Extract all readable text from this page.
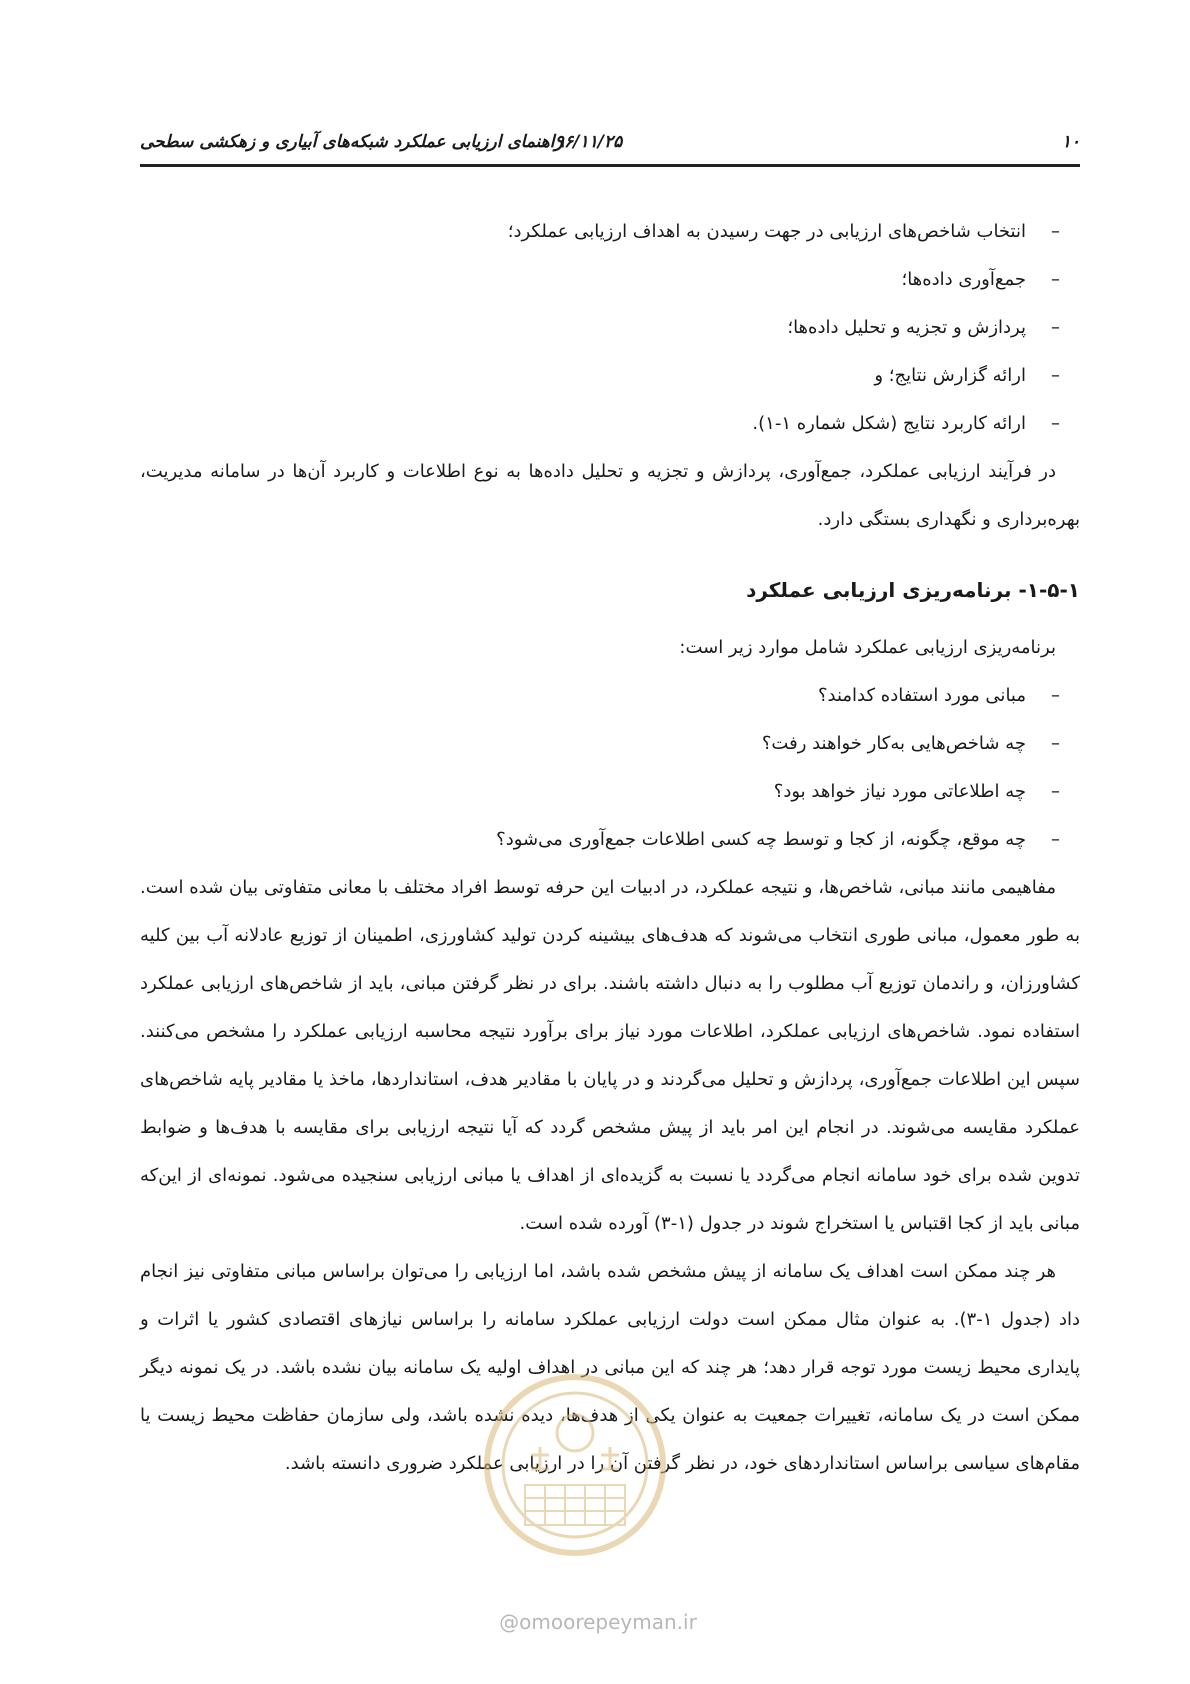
۱۰
۹۶/۱۱/۲۵
راهنمای ارزیابی عملکرد شبکه‌های آبیاری و زهکشی سطحی
– انتخاب شاخص‌های ارزیابی در جهت رسیدن به اهداف ارزیابی عملکرد؛
– جمع‌آوری داده‌ها؛
– پردازش و تجزیه و تحلیل داده‌ها؛
– ارائه گزارش نتایج؛ و
– ارائه کاربرد نتایج (شکل شماره ۱-۱).

در فرآیند ارزیابی عملکرد، جمع‌آوری، پردازش و تجزیه و تحلیل داده‌ها به نوع اطلاعات و کاربرد آن‌ها در سامانه مدیریت، بهره‌برداری و نگهداری بستگی دارد.

۱-۵-۱- برنامه‌ریزی ارزیابی عملکرد

برنامه‌ریزی ارزیابی عملکرد شامل موارد زیر است:

– مبانی مورد استفاده کدامند؟
– چه شاخص‌هایی به‌کار خواهند رفت؟
– چه اطلاعاتی مورد نیاز خواهد بود؟
– چه موقع، چگونه، از کجا و توسط چه کسی اطلاعات جمع‌آوری می‌شود؟

مفاهیمی مانند مبانی، شاخص‌ها، و نتیجه عملکرد، در ادبیات این حرفه توسط افراد مختلف با معانی متفاوتی بیان شده است. به طور معمول، مبانی طوری انتخاب می‌شوند که هدف‌های بیشینه کردن تولید کشاورزی، اطمینان از توزیع عادلانه آب بین کلیه کشاورزان، و راندمان توزیع آب مطلوب را به دنبال داشته باشند. برای در نظر گرفتن مبانی، باید از شاخص‌های ارزیابی عملکرد استفاده نمود. شاخص‌های ارزیابی عملکرد، اطلاعات مورد نیاز برای برآورد نتیجه محاسبه ارزیابی عملکرد را مشخص می‌کنند. سپس این اطلاعات جمع‌آوری، پردازش و تحلیل می‌گردند و در پایان با مقادیر هدف، استانداردها، ماخذ یا مقادیر پایه شاخص‌های عملکرد مقایسه می‌شوند. در انجام این امر باید از پیش مشخص گردد که آیا نتیجه ارزیابی برای مقایسه با هدف‌ها و ضوابط تدوین شده برای خود سامانه انجام می‌گردد یا نسبت به گزیده‌ای از اهداف یا مبانی ارزیابی سنجیده می‌شود. نمونه‌ای از این‌که مبانی باید از کجا اقتباس یا استخراج شوند در جدول (۱-۳) آورده شده است.

هر چند ممکن است اهداف یک سامانه از پیش مشخص شده باشد، اما ارزیابی را می‌توان براساس مبانی متفاوتی نیز انجام داد (جدول ۱-۳). به عنوان مثال ممکن است دولت ارزیابی عملکرد سامانه را براساس نیازهای اقتصادی کشور یا اثرات و پایداری محیط زیست مورد توجه قرار دهد؛ هر چند که این مبانی در اهداف اولیه یک سامانه بیان نشده باشد. در یک نمونه دیگر ممکن است در یک سامانه، تغییرات جمعیت به عنوان یکی از هدف‌ها، دیده نشده باشد، ولی سازمان حفاظت محیط زیست یا مقام‌های سیاسی براساس استانداردهای خود، در نظر گرفتن آن را در ارزیابی عملکرد ضروری دانسته باشد.

@omoorepeyman.ir
